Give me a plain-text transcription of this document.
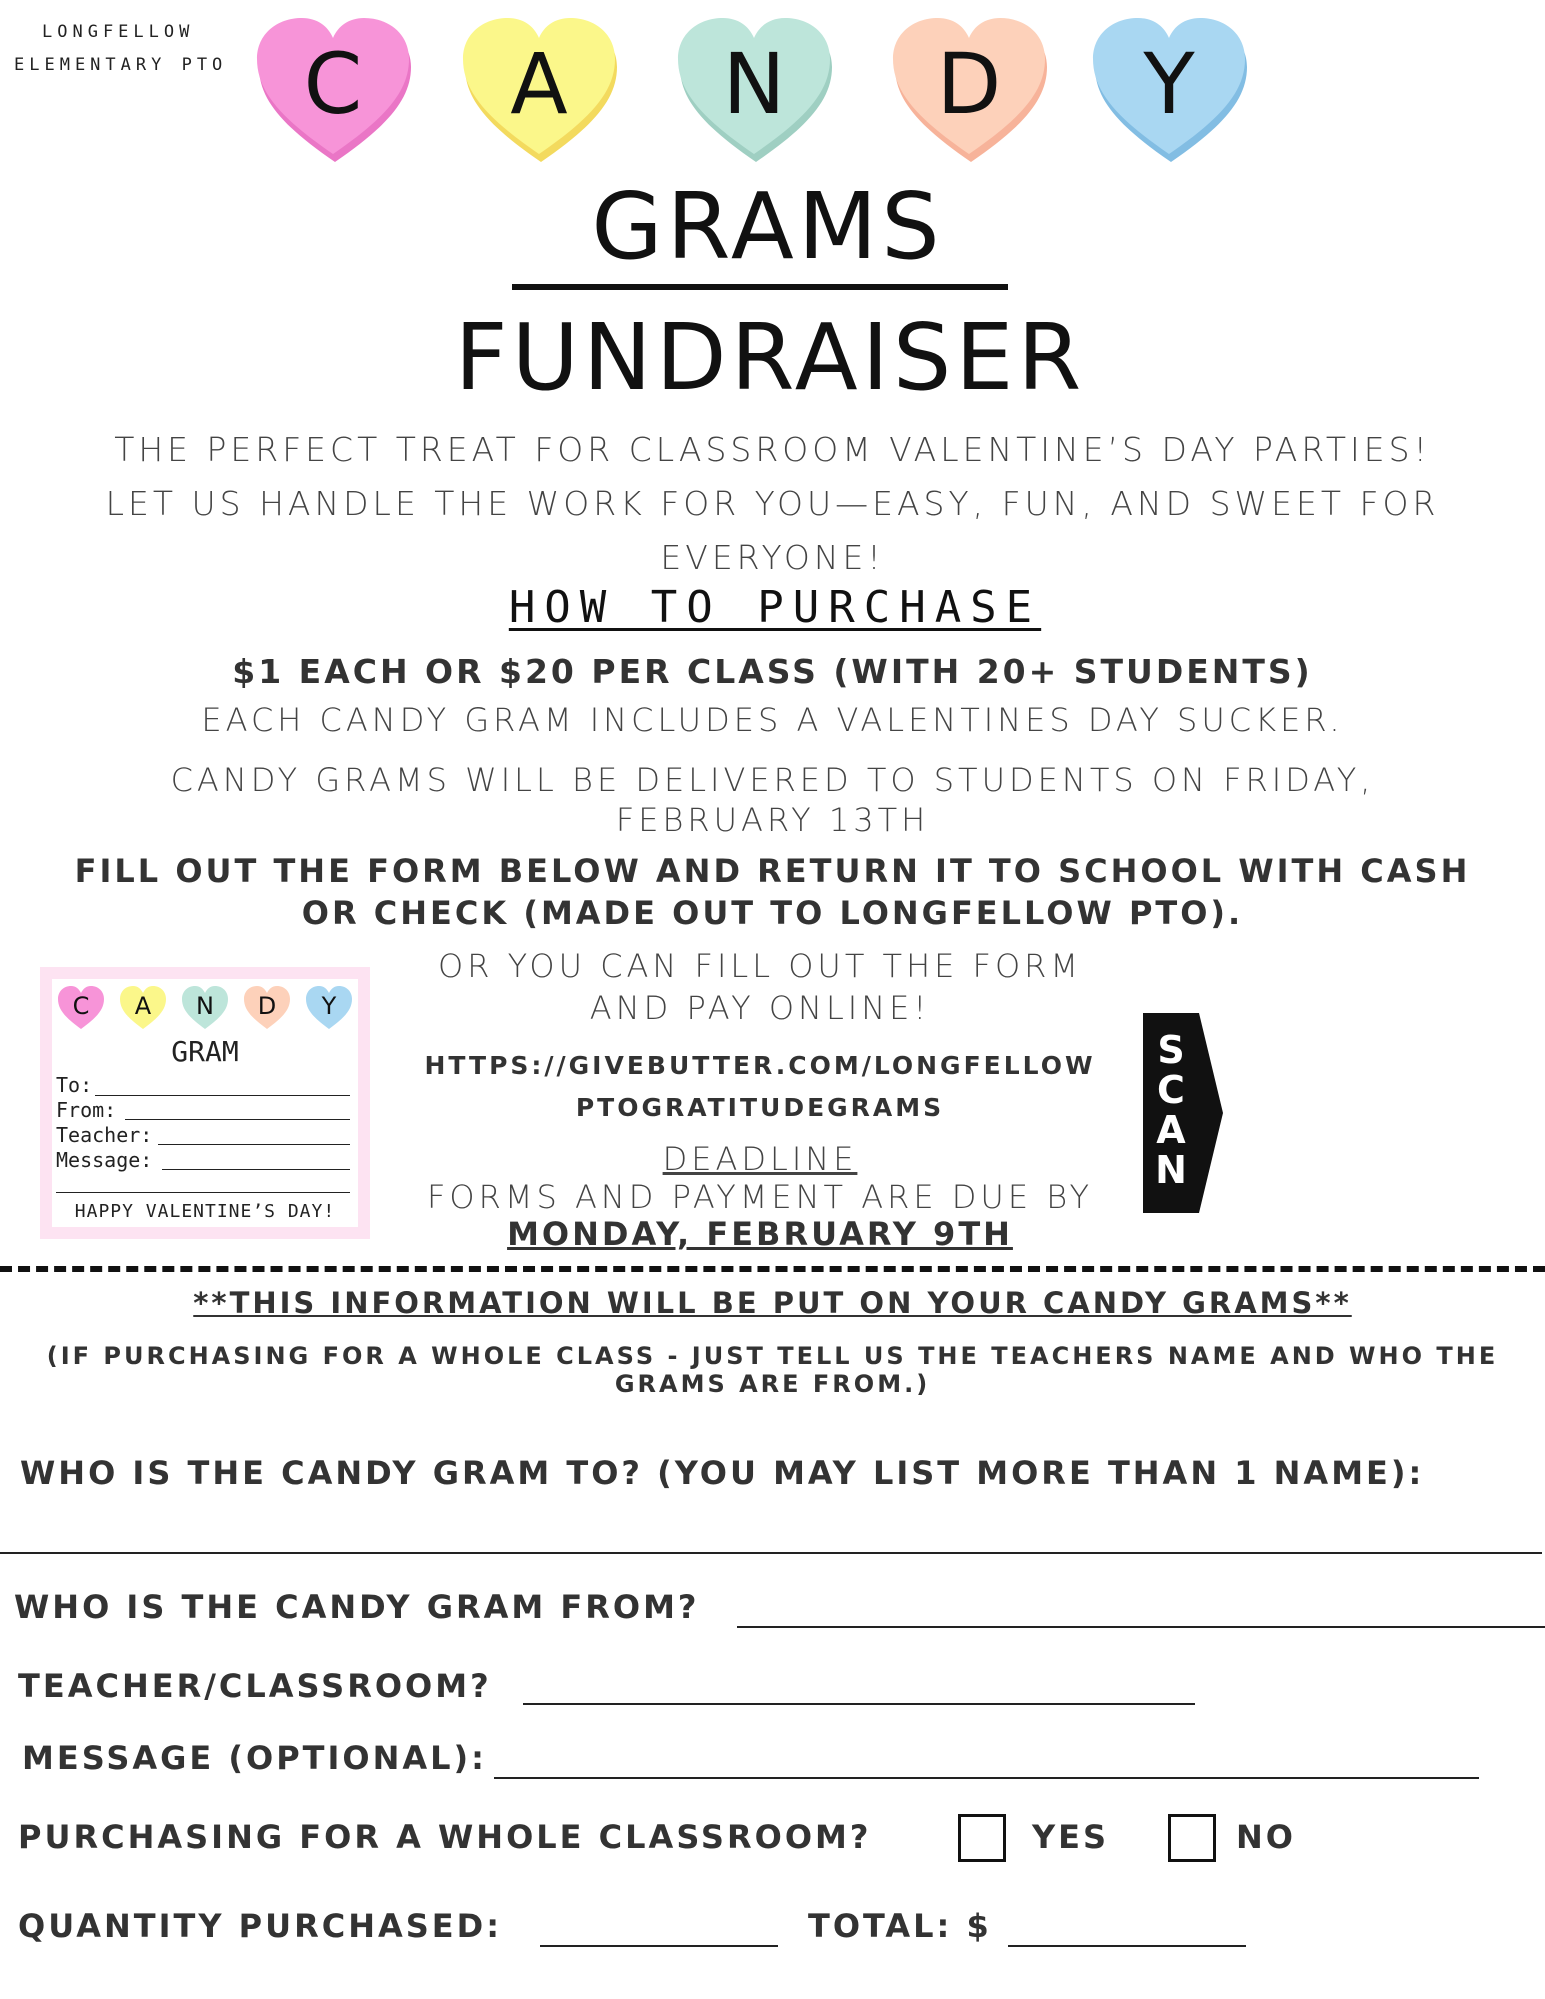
LONGFELLOW
ELEMENTARY PTO C	A	N	D	Y
GRAMS
FUNDRAISER
THE PERFECT TREAT FOR CLASSROOM VALENTINE’S DAY PARTIES!
LET US HANDLE THE WORK FOR YOU—EASY, FUN, AND SWEET FOR
EVERYONE!
HOW TO PURCHASE
$1 EACH OR $20 PER CLASS (WITH 20+ STUDENTS)
EACH CANDY GRAM INCLUDES A VALENTINES DAY SUCKER.
CANDY GRAMS WILL BE DELIVERED TO STUDENTS ON FRIDAY,
FEBRUARY 13TH
FILL OUT THE FORM BELOW AND RETURN IT TO SCHOOL WITH CASH
OR CHECK (MADE OUT TO LONGFELLOW PTO).
C	A	N	D	Y
GRAM
To:
From:
Teacher:
Message:
HAPPY VALENTINE’S DAY!
OR YOU CAN FILL OUT THE FORM
AND PAY ONLINE!
HTTPS://GIVEBUTTER.COM/LONGFELLOW
PTOGRATITUDEGRAMS
DEADLINE
FORMS AND PAYMENT ARE DUE BY
MONDAY, FEBRUARY 9TH
S
C
A
N
**THIS INFORMATION WILL BE PUT ON YOUR CANDY GRAMS**
(IF PURCHASING FOR A WHOLE CLASS - JUST TELL US THE TEACHERS NAME AND WHO THE
GRAMS ARE FROM.)
WHO IS THE CANDY GRAM TO? (YOU MAY LIST MORE THAN 1 NAME):
WHO IS THE CANDY GRAM FROM?
TEACHER/CLASSROOM?
MESSAGE (OPTIONAL):
PURCHASING FOR A WHOLE CLASSROOM?	YES	NO
QUANTITY PURCHASED:	TOTAL: $
